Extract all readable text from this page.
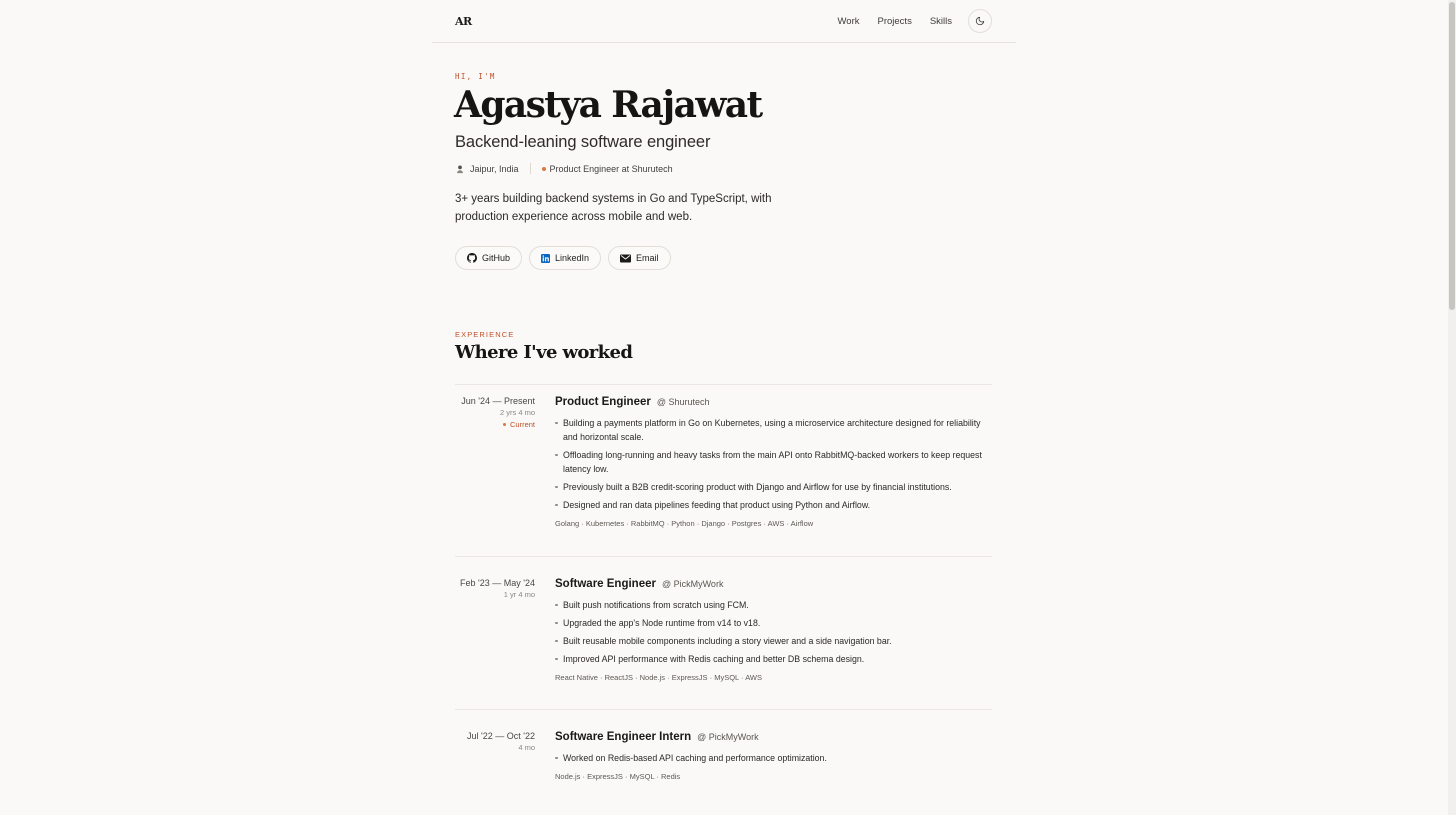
AR	Work Projects Skills
HI, I'M
Agastya Rajawat
Backend-leaning software engineer
Jaipur, India	Product Engineer at Shurutech

3+ years building backend systems in Go and TypeScript, with production experience across mobile and web.

GitHub	LinkedIn	Email
EXPERIENCE
Where I've worked
Jun '24 — Present
2 yrs 4 mo
Current
Product Engineer @ Shurutech
Building a payments platform in Go on Kubernetes, using a microservice architecture designed for reliability and horizontal scale.
Offloading long-running and heavy tasks from the main API onto RabbitMQ-backed workers to keep request latency low.
Previously built a B2B credit-scoring product with Django and Airflow for use by financial institutions.
Designed and ran data pipelines feeding that product using Python and Airflow.
Golang · Kubernetes · RabbitMQ · Python · Django · Postgres · AWS · Airflow
Feb '23 — May '24
1 yr 4 mo
Software Engineer @ PickMyWork
Built push notifications from scratch using FCM.
Upgraded the app's Node runtime from v14 to v18.
Built reusable mobile components including a story viewer and a side navigation bar.
Improved API performance with Redis caching and better DB schema design.
React Native · ReactJS · Node.js · ExpressJS · MySQL · AWS
Jul '22 — Oct '22
4 mo
Software Engineer Intern @ PickMyWork
Worked on Redis-based API caching and performance optimization.
Node.js · ExpressJS · MySQL · Redis
